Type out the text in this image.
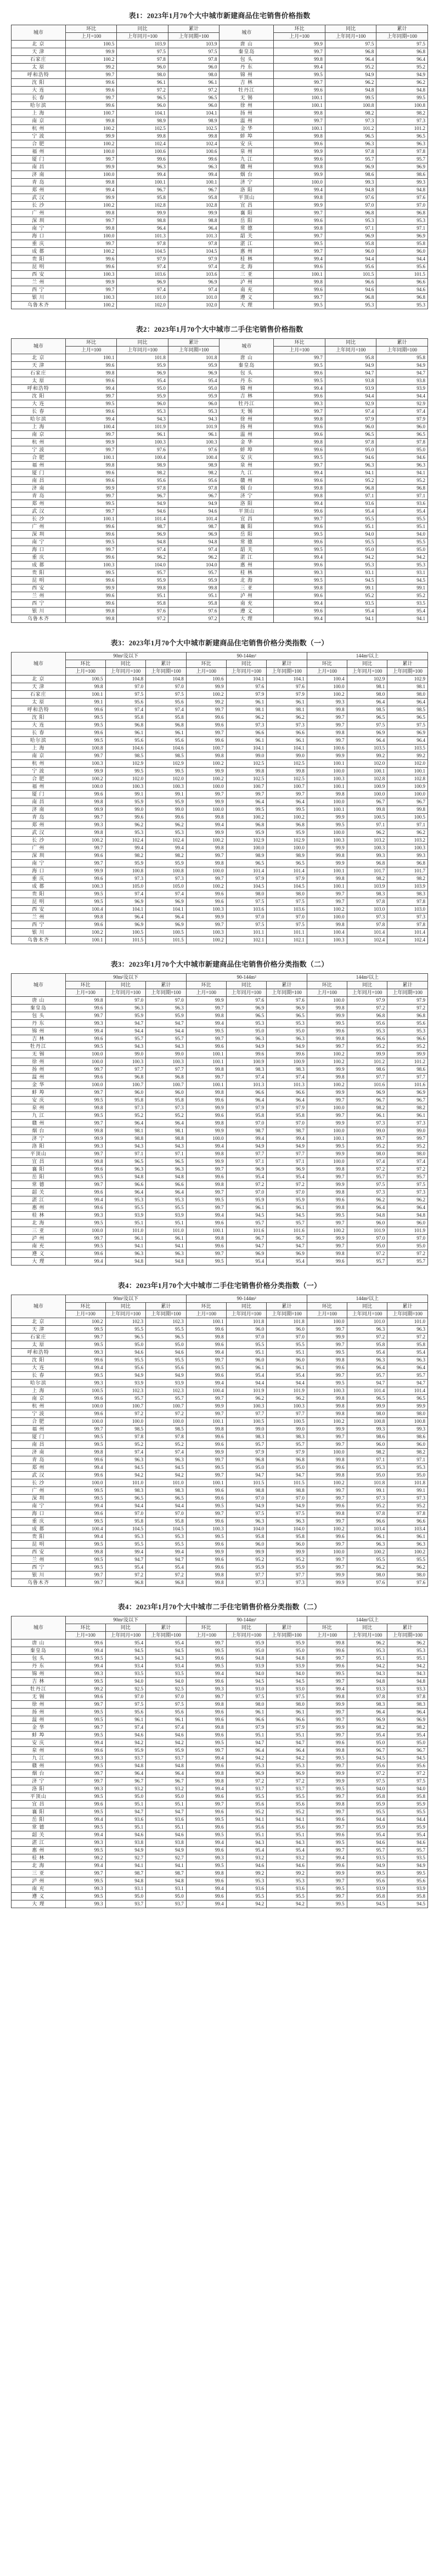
表1：2023年1月70个大中城市新建商品住宅销售价格指数
城市	环比	同比	累计	城市	环比	同比	累计
	上月=100	上年同月=100	上年同期=100		上月=100	上年同月=100	上年同期=100
北 京	100.5	103.9	103.9	唐 山	99.9	97.5	97.5
天 津	99.9	97.5	97.5	秦皇岛	99.7	96.8	96.8
石家庄	100.2	97.8	97.8	包 头	99.8	96.4	96.4
太 原	99.2	96.0	96.0	丹 东	99.4	95.2	95.2
呼和浩特	99.7	98.0	98.0	锦 州	99.5	94.9	94.9
沈 阳	99.6	96.1	96.1	吉 林	99.7	96.2	96.2
大 连	99.6	97.2	97.2	牡丹江	99.6	94.8	94.8
长 春	99.7	96.5	96.5	无 锡	100.1	99.5	99.5
哈尔滨	99.6	96.0	96.0	徐 州	100.1	100.8	100.8
上 海	100.7	104.1	104.1	扬 州	99.8	98.2	98.2
南 京	99.8	98.9	98.9	温 州	99.7	97.3	97.3
杭 州	100.2	102.5	102.5	金 华	100.1	101.2	101.2
宁 波	99.9	99.8	99.8	蚌 埠	99.8	96.5	96.5
合 肥	100.2	102.4	102.4	安 庆	99.6	96.3	96.3
福 州	100.0	100.6	100.6	泉 州	99.9	97.8	97.8
厦 门	99.7	99.6	99.6	九 江	99.6	95.7	95.7
南 昌	99.9	96.3	96.3	赣 州	99.8	96.9	96.9
济 南	100.0	99.4	99.4	烟 台	99.9	98.6	98.6
青 岛	99.8	100.1	100.1	济 宁	100.0	99.3	99.3
郑 州	99.4	96.7	96.7	洛 阳	99.4	94.8	94.8
武 汉	99.9	95.8	95.8	平顶山	99.8	97.6	97.6
长 沙	100.2	102.8	102.8	宜 昌	99.9	97.0	97.0
广 州	99.8	99.9	99.9	襄 阳	99.7	96.8	96.8
深 圳	99.7	98.8	98.8	岳 阳	99.6	95.3	95.3
南 宁	99.8	96.4	96.4	常 德	99.8	97.1	97.1
海 口	100.0	101.3	101.3	韶 关	99.7	96.9	96.9
重 庆	99.7	97.8	97.8	湛 江	99.5	95.8	95.8
成 都	100.2	104.5	104.5	惠 州	99.7	96.0	96.0
贵 阳	99.6	97.9	97.9	桂 林	99.4	94.4	94.4
昆 明	99.6	97.4	97.4	北 海	99.6	95.6	95.6
西 安	100.3	103.6	103.6	三 亚	100.1	101.5	101.5
兰 州	99.9	96.9	96.9	泸 州	99.8	96.6	96.6
西 宁	99.7	97.4	97.4	南 充	99.6	94.6	94.6
银 川	100.3	101.0	101.0	遵 义	99.7	96.8	96.8
乌鲁木齐	100.2	102.0	102.0	大 理	99.5	95.3	95.3
表2：2023年1月70个大中城市二手住宅销售价格指数
城市	环比	同比	累计	城市	环比	同比	累计
	上月=100	上年同月=100	上年同期=100		上月=100	上年同月=100	上年同期=100
北 京	100.1	101.8	101.8	唐 山	99.7	95.8	95.8
天 津	99.6	95.9	95.9	秦皇岛	99.5	94.9	94.9
石家庄	99.8	96.9	96.9	包 头	99.6	94.7	94.7
太 原	99.6	95.4	95.4	丹 东	99.5	93.8	93.8
呼和浩特	99.4	95.0	95.0	锦 州	99.4	93.9	93.9
沈 阳	99.7	95.9	95.9	吉 林	99.6	94.4	94.4
大 连	99.5	96.0	96.0	牡丹江	99.3	92.9	92.9
长 春	99.6	95.3	95.3	无 锡	99.7	97.4	97.4
哈尔滨	99.4	94.3	94.3	徐 州	99.8	97.9	97.9
上 海	100.4	101.9	101.9	扬 州	99.6	96.0	96.0
南 京	99.7	96.1	96.1	温 州	99.6	96.5	96.5
杭 州	99.9	100.3	100.3	金 华	99.8	97.8	97.8
宁 波	99.7	97.6	97.6	蚌 埠	99.6	95.0	95.0
合 肥	100.1	100.4	100.4	安 庆	99.5	94.6	94.6
福 州	99.8	98.9	98.9	泉 州	99.7	96.3	96.3
厦 门	99.6	98.2	98.2	九 江	99.4	94.1	94.1
南 昌	99.6	95.6	95.6	赣 州	99.6	95.2	95.2
济 南	99.9	97.8	97.8	烟 台	99.8	96.8	96.8
青 岛	99.7	96.7	96.7	济 宁	99.8	97.1	97.1
郑 州	99.5	94.9	94.9	洛 阳	99.4	93.6	93.6
武 汉	99.7	94.6	94.6	平顶山	99.6	95.4	95.4
长 沙	100.1	101.4	101.4	宜 昌	99.7	95.5	95.5
广 州	99.6	98.7	98.7	襄 阳	99.6	95.1	95.1
深 圳	99.6	96.9	96.9	岳 阳	99.5	94.0	94.0
南 宁	99.5	94.8	94.8	常 德	99.6	95.5	95.5
海 口	99.7	97.4	97.4	韶 关	99.5	95.0	95.0
重 庆	99.6	96.2	96.2	湛 江	99.4	94.2	94.2
成 都	100.3	104.0	104.0	惠 州	99.6	95.3	95.3
贵 阳	99.5	95.7	95.7	桂 林	99.3	93.1	93.1
昆 明	99.6	95.9	95.9	北 海	99.5	94.5	94.5
西 安	99.9	99.8	99.8	三 亚	99.8	99.1	99.1
兰 州	99.6	95.1	95.1	泸 州	99.6	95.2	95.2
西 宁	99.6	95.8	95.8	南 充	99.4	93.5	93.5
银 川	99.8	97.6	97.6	遵 义	99.6	95.4	95.4
乌鲁木齐	99.8	97.2	97.2	大 理	99.4	94.1	94.1
表3：2023年1月70个大中城市新建商品住宅销售价格分类指数（一）
城市	90m²及以下			90-144m²			144m²以上		
	环比	同比	累计	环比	同比	累计	环比	同比	累计
	上月=100	上年同月=100	上年同期=100	上月=100	上年同月=100	上年同期=100	上月=100	上年同月=100	上年同期=100
北 京	100.5	104.8	104.8	100.6	104.1	104.1	100.4	102.9	102.9
天 津	99.8	97.0	97.0	99.9	97.6	97.6	100.0	98.1	98.1
石家庄	100.1	97.5	97.5	100.2	97.9	97.9	100.2	98.0	98.0
太 原	99.1	95.6	95.6	99.2	96.1	96.1	99.3	96.4	96.4
呼和浩特	99.6	97.4	97.4	99.7	98.1	98.1	99.8	98.5	98.5
沈 阳	99.5	95.8	95.8	99.6	96.2	96.2	99.7	96.5	96.5
大 连	99.5	96.8	96.8	99.6	97.3	97.3	99.7	97.5	97.5
长 春	99.6	96.1	96.1	99.7	96.6	96.6	99.8	96.9	96.9
哈尔滨	99.5	95.6	95.6	99.6	96.1	96.1	99.7	96.4	96.4
上 海	100.8	104.6	104.6	100.7	104.1	104.1	100.6	103.5	103.5
南 京	99.7	98.5	98.5	99.8	99.0	99.0	99.9	99.2	99.2
杭 州	100.3	102.9	102.9	100.2	102.5	102.5	100.1	102.0	102.0
宁 波	99.9	99.5	99.5	99.9	99.8	99.8	100.0	100.1	100.1
合 肥	100.2	102.0	102.0	100.2	102.5	102.5	100.3	102.8	102.8
福 州	100.0	100.3	100.3	100.0	100.7	100.7	100.1	100.9	100.9
厦 门	99.6	99.1	99.1	99.7	99.7	99.7	99.8	100.0	100.0
南 昌	99.8	95.9	95.9	99.9	96.4	96.4	100.0	96.7	96.7
济 南	99.9	99.0	99.0	100.0	99.5	99.5	100.1	99.8	99.8
青 岛	99.7	99.6	99.6	99.8	100.2	100.2	99.9	100.5	100.5
郑 州	99.3	96.2	96.2	99.4	96.8	96.8	99.5	97.1	97.1
武 汉	99.8	95.3	95.3	99.9	95.9	95.9	100.0	96.2	96.2
长 沙	100.2	102.4	102.4	100.2	102.9	102.9	100.3	103.2	103.2
广 州	99.7	99.4	99.4	99.8	100.0	100.0	99.9	100.3	100.3
深 圳	99.6	98.2	98.2	99.7	98.9	98.9	99.8	99.3	99.3
南 宁	99.7	95.9	95.9	99.8	96.5	96.5	99.9	96.8	96.8
海 口	99.9	100.8	100.8	100.0	101.4	101.4	100.1	101.7	101.7
重 庆	99.6	97.3	97.3	99.7	97.9	97.9	99.8	98.2	98.2
成 都	100.3	105.0	105.0	100.2	104.5	104.5	100.1	103.9	103.9
贵 阳	99.5	97.4	97.4	99.6	98.0	98.0	99.7	98.3	98.3
昆 明	99.5	96.9	96.9	99.6	97.5	97.5	99.7	97.8	97.8
西 安	100.4	104.1	104.1	100.3	103.6	103.6	100.2	103.0	103.0
兰 州	99.8	96.4	96.4	99.9	97.0	97.0	100.0	97.3	97.3
西 宁	99.6	96.9	96.9	99.7	97.5	97.5	99.8	97.8	97.8
银 川	100.2	100.5	100.5	100.3	101.1	101.1	100.4	101.4	101.4
乌鲁木齐	100.1	101.5	101.5	100.2	102.1	102.1	100.3	102.4	102.4
表3：2023年1月70个大中城市新建商品住宅销售价格分类指数（二）
城市	90m²及以下			90-144m²			144m²以上		
	环比	同比	累计	环比	同比	累计	环比	同比	累计
	上月=100	上年同月=100	上年同期=100	上月=100	上年同月=100	上年同期=100	上月=100	上年同月=100	上年同期=100
唐 山	99.8	97.0	97.0	99.9	97.6	97.6	100.0	97.9	97.9
秦皇岛	99.6	96.3	96.3	99.7	96.9	96.9	99.8	97.2	97.2
包 头	99.7	95.9	95.9	99.8	96.5	96.5	99.9	96.8	96.8
丹 东	99.3	94.7	94.7	99.4	95.3	95.3	99.5	95.6	95.6
锦 州	99.4	94.4	94.4	99.5	95.0	95.0	99.6	95.3	95.3
吉 林	99.6	95.7	95.7	99.7	96.3	96.3	99.8	96.6	96.6
牡丹江	99.5	94.3	94.3	99.6	94.9	94.9	99.7	95.2	95.2
无 锡	100.0	99.0	99.0	100.1	99.6	99.6	100.2	99.9	99.9
徐 州	100.0	100.3	100.3	100.1	100.9	100.9	100.2	101.2	101.2
扬 州	99.7	97.7	97.7	99.8	98.3	98.3	99.9	98.6	98.6
温 州	99.6	96.8	96.8	99.7	97.4	97.4	99.8	97.7	97.7
金 华	100.0	100.7	100.7	100.1	101.3	101.3	100.2	101.6	101.6
蚌 埠	99.7	96.0	96.0	99.8	96.6	96.6	99.9	96.9	96.9
安 庆	99.5	95.8	95.8	99.6	96.4	96.4	99.7	96.7	96.7
泉 州	99.8	97.3	97.3	99.9	97.9	97.9	100.0	98.2	98.2
九 江	99.5	95.2	95.2	99.6	95.8	95.8	99.7	96.1	96.1
赣 州	99.7	96.4	96.4	99.8	97.0	97.0	99.9	97.3	97.3
烟 台	99.8	98.1	98.1	99.9	98.7	98.7	100.0	99.0	99.0
济 宁	99.9	98.8	98.8	100.0	99.4	99.4	100.1	99.7	99.7
洛 阳	99.3	94.3	94.3	99.4	94.9	94.9	99.5	95.2	95.2
平顶山	99.7	97.1	97.1	99.8	97.7	97.7	99.9	98.0	98.0
宜 昌	99.8	96.5	96.5	99.9	97.1	97.1	100.0	97.4	97.4
襄 阳	99.6	96.3	96.3	99.7	96.9	96.9	99.8	97.2	97.2
岳 阳	99.5	94.8	94.8	99.6	95.4	95.4	99.7	95.7	95.7
常 德	99.7	96.6	96.6	99.8	97.2	97.2	99.9	97.5	97.5
韶 关	99.6	96.4	96.4	99.7	97.0	97.0	99.8	97.3	97.3
湛 江	99.4	95.3	95.3	99.5	95.9	95.9	99.6	96.2	96.2
惠 州	99.6	95.5	95.5	99.7	96.1	96.1	99.8	96.4	96.4
桂 林	99.3	93.9	93.9	99.4	94.5	94.5	99.5	94.8	94.8
北 海	99.5	95.1	95.1	99.6	95.7	95.7	99.7	96.0	96.0
三 亚	100.0	101.0	101.0	100.1	101.6	101.6	100.2	101.9	101.9
泸 州	99.7	96.1	96.1	99.8	96.7	96.7	99.9	97.0	97.0
南 充	99.5	94.1	94.1	99.6	94.7	94.7	99.7	95.0	95.0
遵 义	99.6	96.3	96.3	99.7	96.9	96.9	99.8	97.2	97.2
大 理	99.4	94.8	94.8	99.5	95.4	95.4	99.6	95.7	95.7
表4：2023年1月70个大中城市二手住宅销售价格分类指数（一）
城市	90m²及以下			90-144m²			144m²以上		
	环比	同比	累计	环比	同比	累计	环比	同比	累计
	上月=100	上年同月=100	上年同期=100	上月=100	上年同月=100	上年同期=100	上月=100	上年同月=100	上年同期=100
北 京	100.2	102.3	102.3	100.1	101.8	101.8	100.0	101.0	101.0
天 津	99.5	95.5	95.5	99.6	96.0	96.0	99.7	96.3	96.3
石家庄	99.7	96.5	96.5	99.8	97.0	97.0	99.9	97.2	97.2
太 原	99.5	95.0	95.0	99.6	95.5	95.5	99.7	95.8	95.8
呼和浩特	99.3	94.6	94.6	99.4	95.1	95.1	99.5	95.4	95.4
沈 阳	99.6	95.5	95.5	99.7	96.0	96.0	99.8	96.3	96.3
大 连	99.4	95.6	95.6	99.5	96.1	96.1	99.6	96.4	96.4
长 春	99.5	94.9	94.9	99.6	95.4	95.4	99.7	95.7	95.7
哈尔滨	99.3	93.9	93.9	99.4	94.4	94.4	99.5	94.7	94.7
上 海	100.5	102.3	102.3	100.4	101.9	101.9	100.3	101.4	101.4
南 京	99.6	95.7	95.7	99.7	96.2	96.2	99.8	96.5	96.5
杭 州	100.0	100.7	100.7	99.9	100.3	100.3	99.8	99.9	99.9
宁 波	99.6	97.2	97.2	99.7	97.7	97.7	99.8	98.0	98.0
合 肥	100.0	100.0	100.0	100.1	100.5	100.5	100.2	100.8	100.8
福 州	99.7	98.5	98.5	99.8	99.0	99.0	99.9	99.3	99.3
厦 门	99.5	97.8	97.8	99.6	98.3	98.3	99.7	98.6	98.6
南 昌	99.5	95.2	95.2	99.6	95.7	95.7	99.7	96.0	96.0
济 南	99.8	97.4	97.4	99.9	97.9	97.9	100.0	98.2	98.2
青 岛	99.6	96.3	96.3	99.7	96.8	96.8	99.8	97.1	97.1
郑 州	99.4	94.5	94.5	99.5	95.0	95.0	99.6	95.3	95.3
武 汉	99.6	94.2	94.2	99.7	94.7	94.7	99.8	95.0	95.0
长 沙	100.0	101.0	101.0	100.1	101.5	101.5	100.2	101.8	101.8
广 州	99.5	98.3	98.3	99.6	98.8	98.8	99.7	99.1	99.1
深 圳	99.5	96.5	96.5	99.6	97.0	97.0	99.7	97.3	97.3
南 宁	99.4	94.4	94.4	99.5	94.9	94.9	99.6	95.2	95.2
海 口	99.6	97.0	97.0	99.7	97.5	97.5	99.8	97.8	97.8
重 庆	99.5	95.8	95.8	99.6	96.3	96.3	99.7	96.6	96.6
成 都	100.4	104.5	104.5	100.3	104.0	104.0	100.2	103.4	103.4
贵 阳	99.4	95.3	95.3	99.5	95.8	95.8	99.6	96.1	96.1
昆 明	99.5	95.5	95.5	99.6	96.0	96.0	99.7	96.3	96.3
西 安	99.8	99.4	99.4	99.9	99.9	99.9	100.0	100.2	100.2
兰 州	99.5	94.7	94.7	99.6	95.2	95.2	99.7	95.5	95.5
西 宁	99.5	95.4	95.4	99.6	95.9	95.9	99.7	96.2	96.2
银 川	99.7	97.2	97.2	99.8	97.7	97.7	99.9	98.0	98.0
乌鲁木齐	99.7	96.8	96.8	99.8	97.3	97.3	99.9	97.6	97.6
表4：2023年1月70个大中城市二手住宅销售价格分类指数（二）
城市	90m²及以下			90-144m²			144m²以上		
	环比	同比	累计	环比	同比	累计	环比	同比	累计
	上月=100	上年同月=100	上年同期=100	上月=100	上年同月=100	上年同期=100	上月=100	上年同月=100	上年同期=100
唐 山	99.6	95.4	95.4	99.7	95.9	95.9	99.8	96.2	96.2
秦皇岛	99.4	94.5	94.5	99.5	95.0	95.0	99.6	95.3	95.3
包 头	99.5	94.3	94.3	99.6	94.8	94.8	99.7	95.1	95.1
丹 东	99.4	93.4	93.4	99.5	93.9	93.9	99.6	94.2	94.2
锦 州	99.3	93.5	93.5	99.4	94.0	94.0	99.5	94.3	94.3
吉 林	99.5	94.0	94.0	99.6	94.5	94.5	99.7	94.8	94.8
牡丹江	99.2	92.5	92.5	99.3	93.0	93.0	99.4	93.3	93.3
无 锡	99.6	97.0	97.0	99.7	97.5	97.5	99.8	97.8	97.8
徐 州	99.7	97.5	97.5	99.8	98.0	98.0	99.9	98.3	98.3
扬 州	99.5	95.6	95.6	99.6	96.1	96.1	99.7	96.4	96.4
温 州	99.5	96.1	96.1	99.6	96.6	96.6	99.7	96.9	96.9
金 华	99.7	97.4	97.4	99.8	97.9	97.9	99.9	98.2	98.2
蚌 埠	99.5	94.6	94.6	99.6	95.1	95.1	99.7	95.4	95.4
安 庆	99.4	94.2	94.2	99.5	94.7	94.7	99.6	95.0	95.0
泉 州	99.6	95.9	95.9	99.7	96.4	96.4	99.8	96.7	96.7
九 江	99.3	93.7	93.7	99.4	94.2	94.2	99.5	94.5	94.5
赣 州	99.5	94.8	94.8	99.6	95.3	95.3	99.7	95.6	95.6
烟 台	99.7	96.4	96.4	99.8	96.9	96.9	99.9	97.2	97.2
济 宁	99.7	96.7	96.7	99.8	97.2	97.2	99.9	97.5	97.5
洛 阳	99.3	93.2	93.2	99.4	93.7	93.7	99.5	94.0	94.0
平顶山	99.5	95.0	95.0	99.6	95.5	95.5	99.7	95.8	95.8
宜 昌	99.6	95.1	95.1	99.7	95.6	95.6	99.8	95.9	95.9
襄 阳	99.5	94.7	94.7	99.6	95.2	95.2	99.7	95.5	95.5
岳 阳	99.4	93.6	93.6	99.5	94.1	94.1	99.6	94.4	94.4
常 德	99.5	95.1	95.1	99.6	95.6	95.6	99.7	95.9	95.9
韶 关	99.4	94.6	94.6	99.5	95.1	95.1	99.6	95.4	95.4
湛 江	99.3	93.8	93.8	99.4	94.3	94.3	99.5	94.6	94.6
惠 州	99.5	94.9	94.9	99.6	95.4	95.4	99.7	95.7	95.7
桂 林	99.2	92.7	92.7	99.3	93.2	93.2	99.4	93.5	93.5
北 海	99.4	94.1	94.1	99.5	94.6	94.6	99.6	94.9	94.9
三 亚	99.7	98.7	98.7	99.8	99.2	99.2	99.9	99.5	99.5
泸 州	99.5	94.8	94.8	99.6	95.3	95.3	99.7	95.6	95.6
南 充	99.3	93.1	93.1	99.4	93.6	93.6	99.5	93.9	93.9
遵 义	99.5	95.0	95.0	99.6	95.5	95.5	99.7	95.8	95.8
大 理	99.3	93.7	93.7	99.4	94.2	94.2	99.5	94.5	94.5
